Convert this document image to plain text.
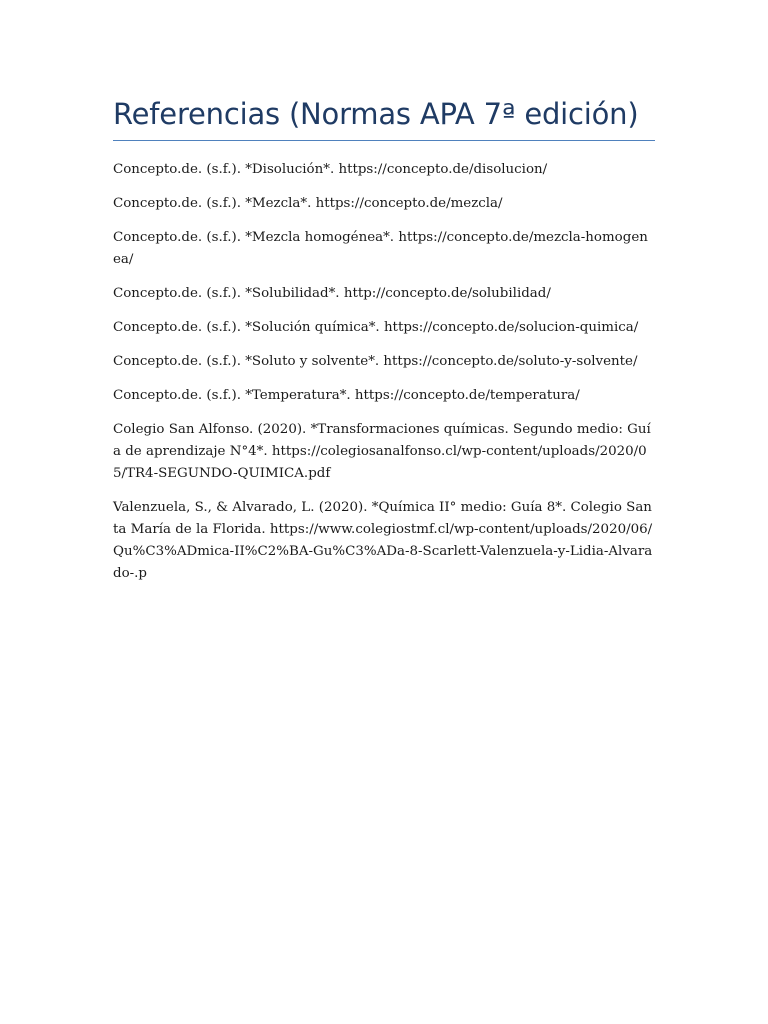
Referencias (Normas APA 7ª edición)

Concepto.de. (s.f.). *Disolución*. https://concepto.de/disolucion/

Concepto.de. (s.f.). *Mezcla*. https://concepto.de/mezcla/

Concepto.de. (s.f.). *Mezcla homogénea*. https://concepto.de/mezcla-homogenea/

Concepto.de. (s.f.). *Solubilidad*. http://concepto.de/solubilidad/

Concepto.de. (s.f.). *Solución química*. https://concepto.de/solucion-quimica/

Concepto.de. (s.f.). *Soluto y solvente*. https://concepto.de/soluto-y-solvente/

Concepto.de. (s.f.). *Temperatura*. https://concepto.de/temperatura/

Colegio San Alfonso. (2020). *Transformaciones químicas. Segundo medio: Guía de aprendizaje N°4*. https://colegiosanalfonso.cl/wp-content/uploads/2020/05/TR4-SEGUNDO-QUIMICA.pdf

Valenzuela, S., & Alvarado, L. (2020). *Química II° medio: Guía 8*. Colegio Santa María de la Florida. https://www.colegiostmf.cl/wp-content/uploads/2020/06/Qu%C3%ADmica-II%C2%BA-Gu%C3%ADa-8-Scarlett-Valenzuela-y-Lidia-Alvarado-.p
